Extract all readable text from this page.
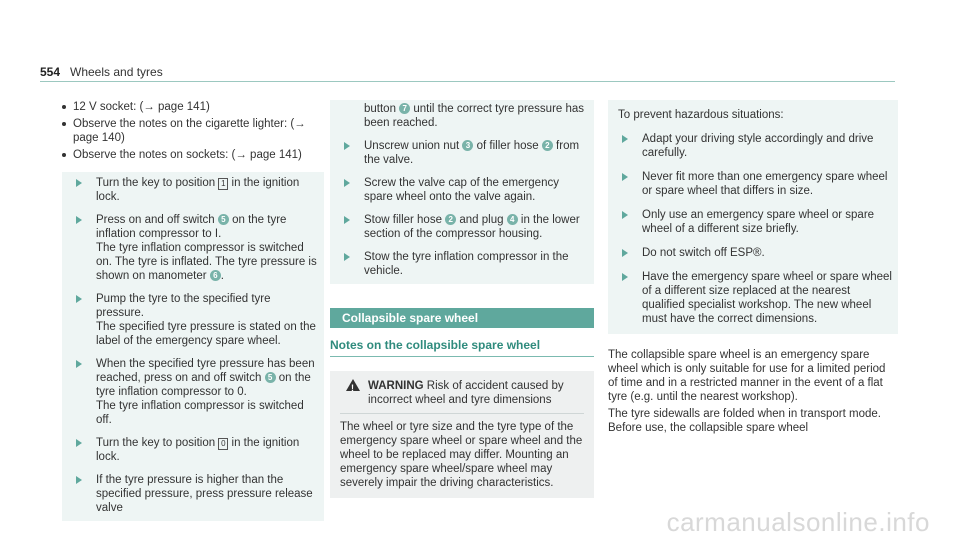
554 Wheels and tyres
12 V socket: (→ page 141)
Observe the notes on the cigarette lighter: (→ page 140)
Observe the notes on sockets: (→ page 141)
Turn the key to position 1 in the ignition lock.
Press on and off switch 5 on the tyre inflation compressor to I.
The tyre inflation compressor is switched on. The tyre is inflated. The tyre pressure is shown on manometer 6 .
Pump the tyre to the specified tyre pressure.
The specified tyre pressure is stated on the label of the emergency spare wheel.
When the specified tyre pressure has been reached, press on and off switch 5 on the tyre inflation compressor to 0.
The tyre inflation compressor is switched off.
Turn the key to position 0 in the ignition lock.
If the tyre pressure is higher than the specified pressure, press pressure release valve
button 7 until the correct tyre pressure has been reached.
Unscrew union nut 3 of filler hose 2 from the valve.
Screw the valve cap of the emergency spare wheel onto the valve again.
Stow filler hose 2 and plug 4 in the lower section of the compressor housing.
Stow the tyre inflation compressor in the vehicle.
Collapsible spare wheel
Notes on the collapsible spare wheel
! WARNING Risk of accident caused by incorrect wheel and tyre dimensions
The wheel or tyre size and the tyre type of the emergency spare wheel or spare wheel and the wheel to be replaced may differ. Mounting an emergency spare wheel/spare wheel may severely impair the driving characteristics.
To prevent hazardous situations:
Adapt your driving style accordingly and drive carefully.
Never fit more than one emergency spare wheel or spare wheel that differs in size.
Only use an emergency spare wheel or spare wheel of a different size briefly.
Do not switch off ESP®.
Have the emergency spare wheel or spare wheel of a different size replaced at the nearest qualified specialist workshop. The new wheel must have the correct dimensions.

The collapsible spare wheel is an emergency spare wheel which is only suitable for use for a limited period of time and in a restricted manner in the event of a flat tyre (e.g. until the nearest workshop).

The tyre sidewalls are folded when in transport mode. Before use, the collapsible spare wheel

carmanualsonline.info
